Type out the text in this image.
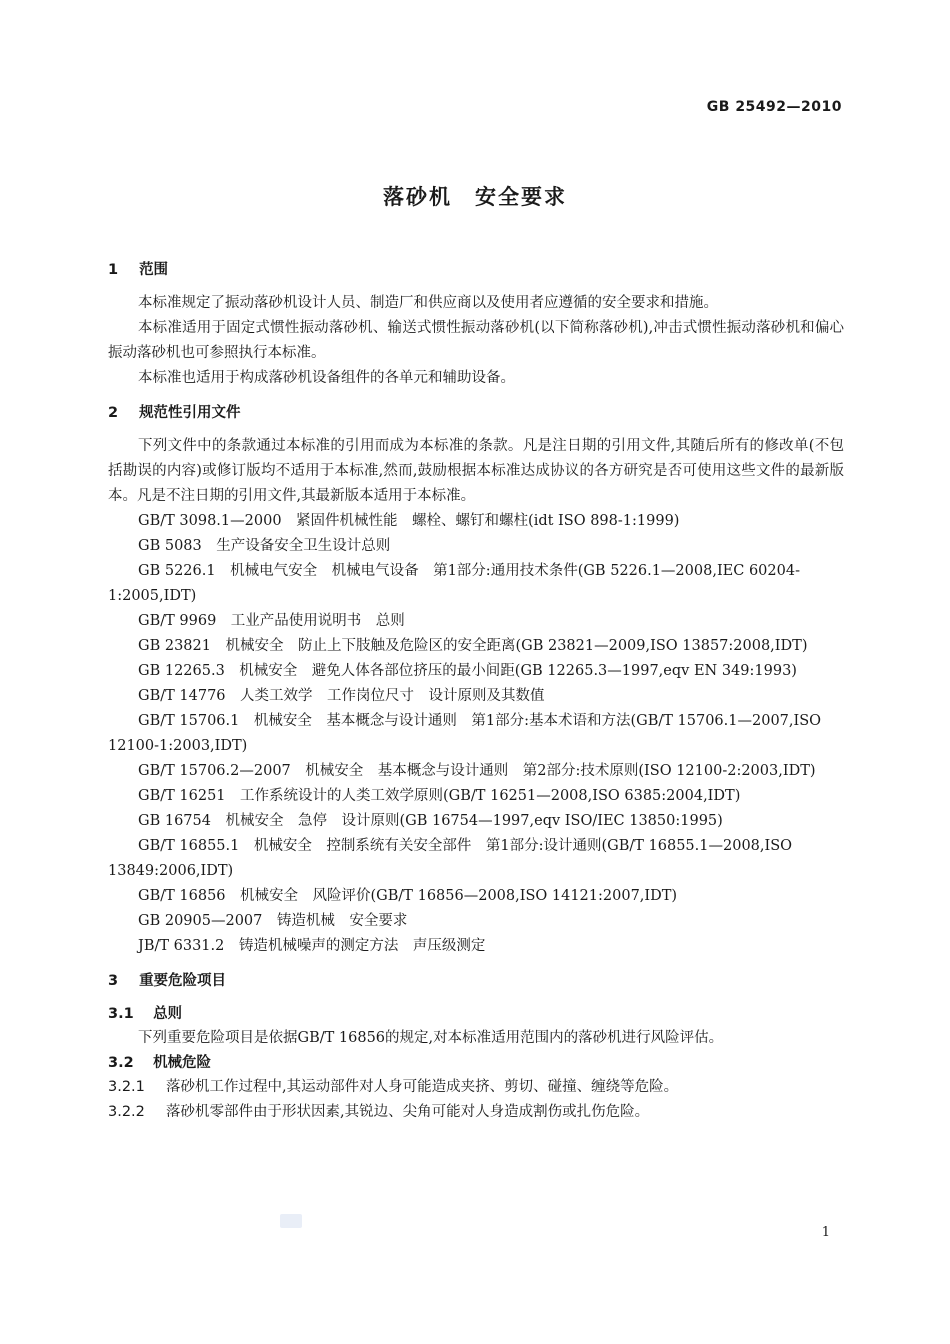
GB 25492—2010
落砂机　安全要求
1 范围

本标准规定了振动落砂机设计人员、制造厂和供应商以及使用者应遵循的安全要求和措施。

本标准适用于固定式惯性振动落砂机、输送式惯性振动落砂机(以下简称落砂机),冲击式惯性振动落砂机和偏心振动落砂机也可参照执行本标准。

本标准也适用于构成落砂机设备组件的各单元和辅助设备。

2 规范性引用文件

下列文件中的条款通过本标准的引用而成为本标准的条款。凡是注日期的引用文件,其随后所有的修改单(不包括勘误的内容)或修订版均不适用于本标准,然而,鼓励根据本标准达成协议的各方研究是否可使用这些文件的最新版本。凡是不注日期的引用文件,其最新版本适用于本标准。

GB/T 3098.1—2000　紧固件机械性能　螺栓、螺钉和螺柱(idt ISO 898-1:1999)

GB 5083　生产设备安全卫生设计总则

GB 5226.1　机械电气安全　机械电气设备　第1部分:通用技术条件(GB 5226.1—2008,IEC 60204-1:2005,IDT)

GB/T 9969　工业产品使用说明书　总则

GB 23821　机械安全　防止上下肢触及危险区的安全距离(GB 23821—2009,ISO 13857:2008,IDT)

GB 12265.3　机械安全　避免人体各部位挤压的最小间距(GB 12265.3—1997,eqv EN 349:1993)

GB/T 14776　人类工效学　工作岗位尺寸　设计原则及其数值

GB/T 15706.1　机械安全　基本概念与设计通则　第1部分:基本术语和方法(GB/T 15706.1—2007,ISO 12100-1:2003,IDT)

GB/T 15706.2—2007　机械安全　基本概念与设计通则　第2部分:技术原则(ISO 12100-2:2003,IDT)

GB/T 16251　工作系统设计的人类工效学原则(GB/T 16251—2008,ISO 6385:2004,IDT)

GB 16754　机械安全　急停　设计原则(GB 16754—1997,eqv ISO/IEC 13850:1995)

GB/T 16855.1　机械安全　控制系统有关安全部件　第1部分:设计通则(GB/T 16855.1—2008,ISO 13849:2006,IDT)

GB/T 16856　机械安全　风险评价(GB/T 16856—2008,ISO 14121:2007,IDT)

GB 20905—2007　铸造机械　安全要求

JB/T 6331.2　铸造机械噪声的测定方法　声压级测定

3 重要危险项目
3.1 总则

下列重要危险项目是依据GB/T 16856的规定,对本标准适用范围内的落砂机进行风险评估。

3.2 机械危险

3.2.1 落砂机工作过程中,其运动部件对人身可能造成夹挤、剪切、碰撞、缠绕等危险。

3.2.2 落砂机零部件由于形状因素,其锐边、尖角可能对人身造成割伤或扎伤危险。

1
